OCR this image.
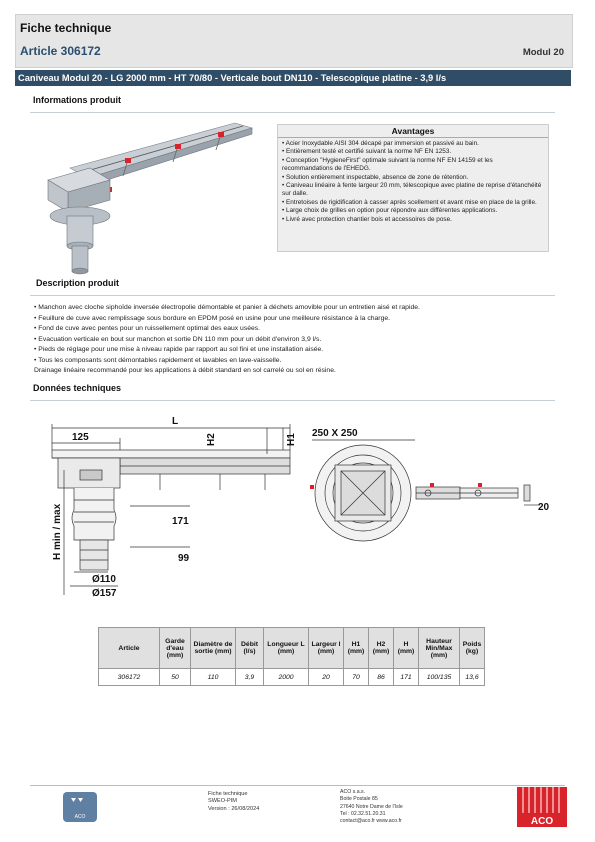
Fiche technique
Article 306172	Modul 20
Caniveau Modul 20 - LG 2000 mm - HT 70/80 - Verticale bout DN110 - Telescopique platine - 3,9 l/s
Informations produit
Avantages
• Acier Inoxydable AISI 304 décapé par immersion et passivé au bain.
• Entièrement testé et certifié suivant la norme NF EN 1253.
• Conception "HygieneFirst" optimale suivant la norme NF EN 14159 et les recommandations de l'EHEDG.
• Solution entièrement inspectable, absence de zone de rétention.
• Caniveau linéaire à fente largeur 20 mm, télescopique avec platine de reprise d'étanchéité sur dalle.
• Entretoises de rigidification à casser après scellement et avant mise en place de la grille.
• Large choix de grilles en option pour répondre aux différentes applications.
• Livré avec protection chantier bois et accessoires de pose.
Description produit
• Manchon avec cloche siphoïde inversée électropolie démontable et panier à déchets amovible pour un entretien aisé et rapide.
• Feuillure de cuve avec remplissage sous bordure en EPDM posé en usine pour une meilleure résistance à la charge.
• Fond de cuve avec pentes pour un ruissellement optimal des eaux usées.
• Evacuation verticale en bout sur manchon et sortie DN 110 mm pour un débit d'environ 3,9 l/s.
• Pieds de réglage pour une mise à niveau rapide par rapport au sol fini et une installation aisée.
• Tous les composants sont démontables rapidement et lavables en lave-vaisselle.
Drainage linéaire recommandé pour les applications à débit standard en sol carrelé ou sol en résine.
Données techniques
L
125
171
99
Ø110
Ø157
250 X 250
20
H2	H1
H min / max
Article	Garde d'eau (mm)	Diamètre de sortie (mm)	Débit (l/s)	Longueur L (mm)	Largeur l (mm)	H1 (mm)	H2 (mm)	H (mm)	Hauteur Min/Max (mm)	Poids (kg)
306172	50	110	3,9	2000	20	70	86	171	100/135	13,6
ACO
Fiche technique
SWEO-PIM
Version : 26/08/2024
ACO s.a.s.
Boite Postale 85
27640 Notre Dame de l'Isle
Tel : 02.32.51.20.31
contact@aco.fr www.aco.fr	ACO
